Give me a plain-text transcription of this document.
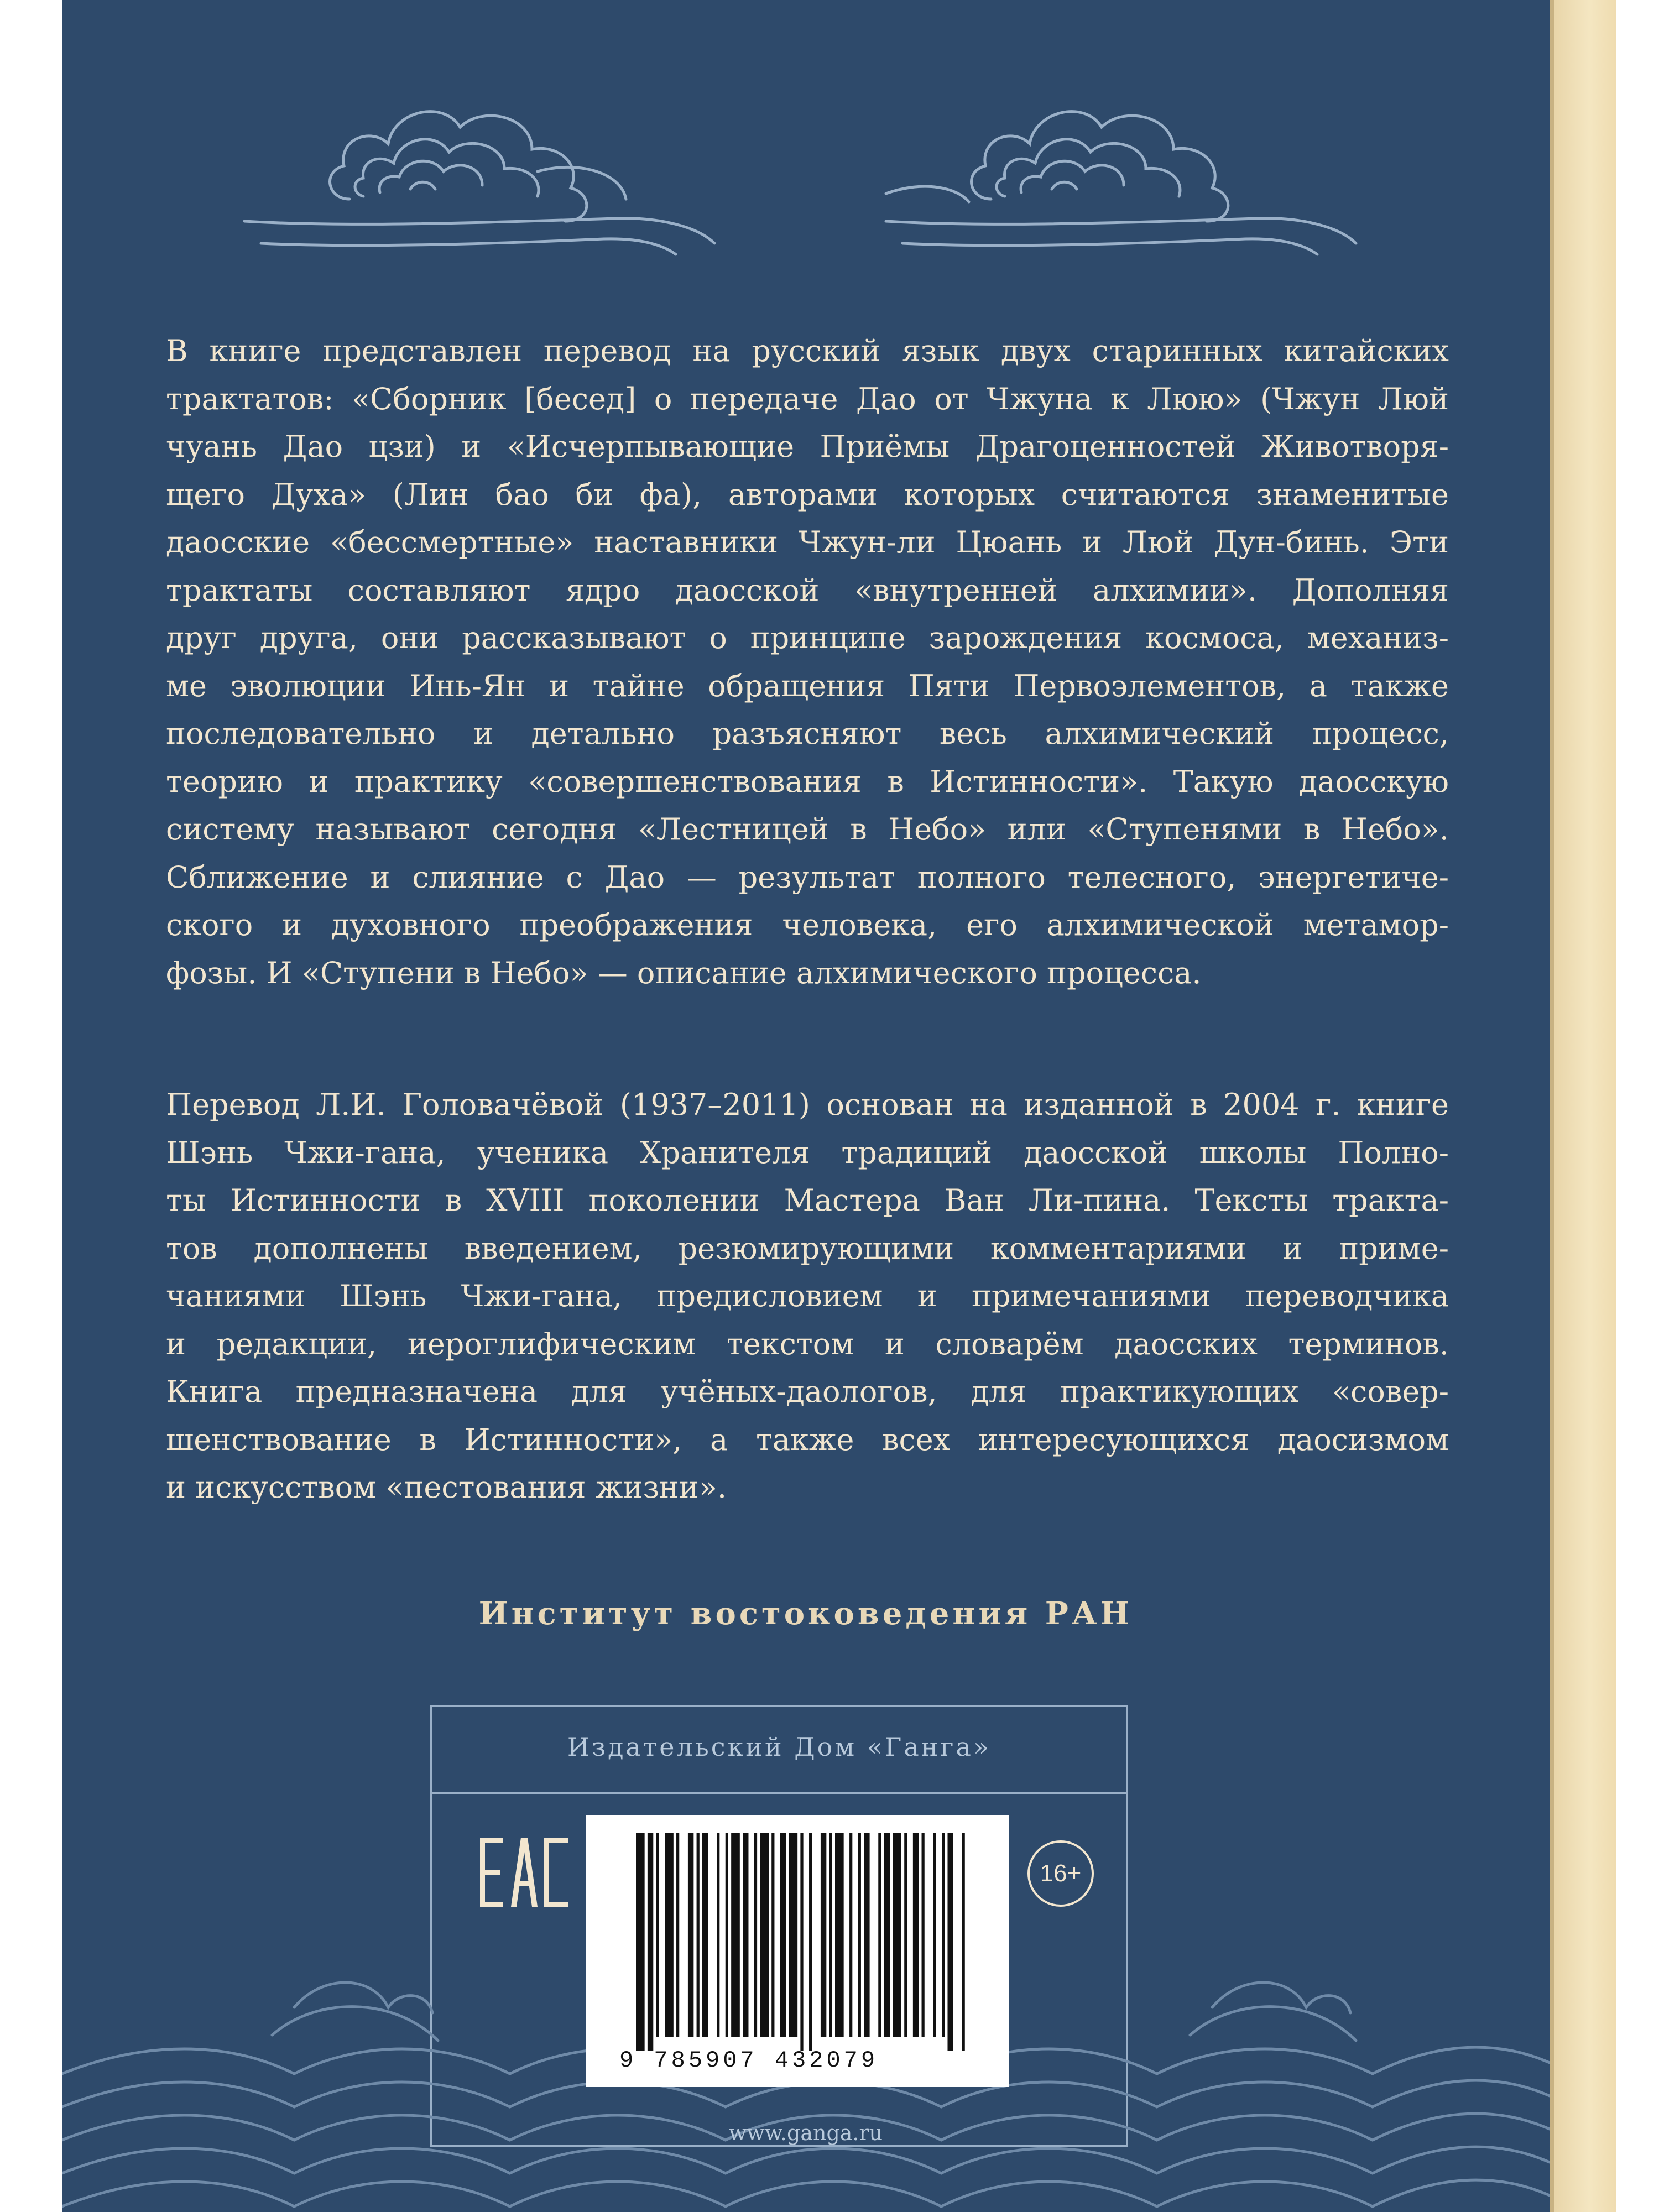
В книге представлен перевод на русский язык двух старинных китайских
трактатов: «Сборник [бесед] о передаче Дао от Чжуна к Люю» (Чжун Люй
чуань Дао цзи) и «Исчерпывающие Приёмы Драгоценностей Животворя-
щего Духа» (Лин бао би фа), авторами которых считаются знаменитые
даосские «бессмертные» наставники Чжун-ли Цюань и Люй Дун-бинь. Эти
трактаты составляют ядро даосской «внутренней алхимии». Дополняя
друг друга, они рассказывают о принципе зарождения космоса, механиз-
ме эволюции Инь-Ян и тайне обращения Пяти Первоэлементов, а также
последовательно и детально разъясняют весь алхимический процесс,
теорию и практику «совершенствования в Истинности». Такую даосскую
систему называют сегодня «Лестницей в Небо» или «Ступенями в Небо».
Сближение и слияние с Дао — результат полного телесного, энергетиче-
ского и духовного преображения человека, его алхимической метамор-
фозы. И «Ступени в Небо» — описание алхимического процесса.
Перевод Л.И. Головачёвой (1937–2011) основан на изданной в 2004 г. книге
Шэнь Чжи-гана, ученика Хранителя традиций даосской школы Полно-
ты Истинности в XVIII поколении Мастера Ван Ли-пина. Тексты тракта-
тов дополнены введением, резюмирующими комментариями и приме-
чаниями Шэнь Чжи-гана, предисловием и примечаниями переводчика
и редакции, иероглифическим текстом и словарём даосских терминов.
Книга предназначена для учёных-даологов, для практикующих «совер-
шенствование в Истинности», а также всех интересующихся даосизмом
и искусством «пестования жизни».
Институт востоковедения РАН
Издательский Дом «Ганга»
16+
9 785907 432079
www.ganga.ru
